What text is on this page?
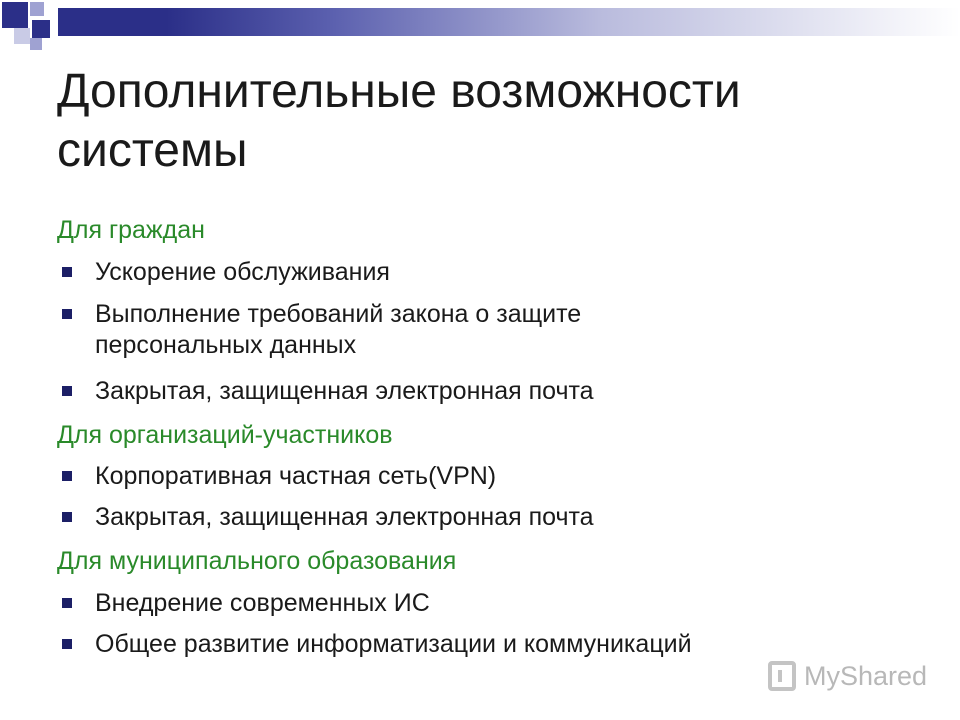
Дополнительные возможности системы
Для граждан
Ускорение обслуживания
Выполнение требований закона о защите
персональных данных
Закрытая, защищенная электронная почта
Для организаций-участников
Корпоративная частная сеть(VPN)
Закрытая, защищенная электронная почта
Для муниципального образования
Внедрение современных ИС
Общее развитие информатизации и коммуникаций
MyShared
